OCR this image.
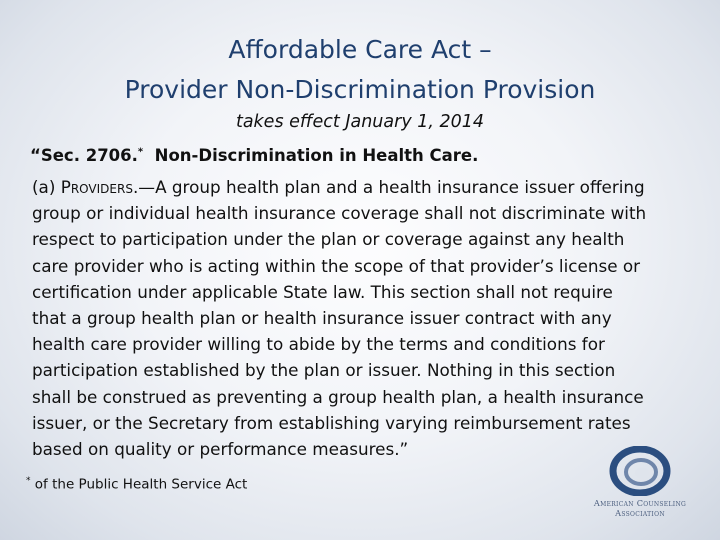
Affordable Care Act –
Provider Non-Discrimination Provision
takes effect January 1, 2014
“Sec. 2706.* Non-Discrimination in Health Care.
(a) Providers.—A group health plan and a health insurance issuer offering
group or individual health insurance coverage shall not discriminate with
respect to participation under the plan or coverage against any health
care provider who is acting within the scope of that provider’s license or
certification under applicable State law. This section shall not require
that a group health plan or health insurance issuer contract with any
health care provider willing to abide by the terms and conditions for
participation established by the plan or issuer. Nothing in this section
shall be construed as preventing a group health plan, a health insurance
issuer, or the Secretary from establishing varying reimbursement rates
based on quality or performance measures.”
* of the Public Health Service Act
American Counseling
Association
